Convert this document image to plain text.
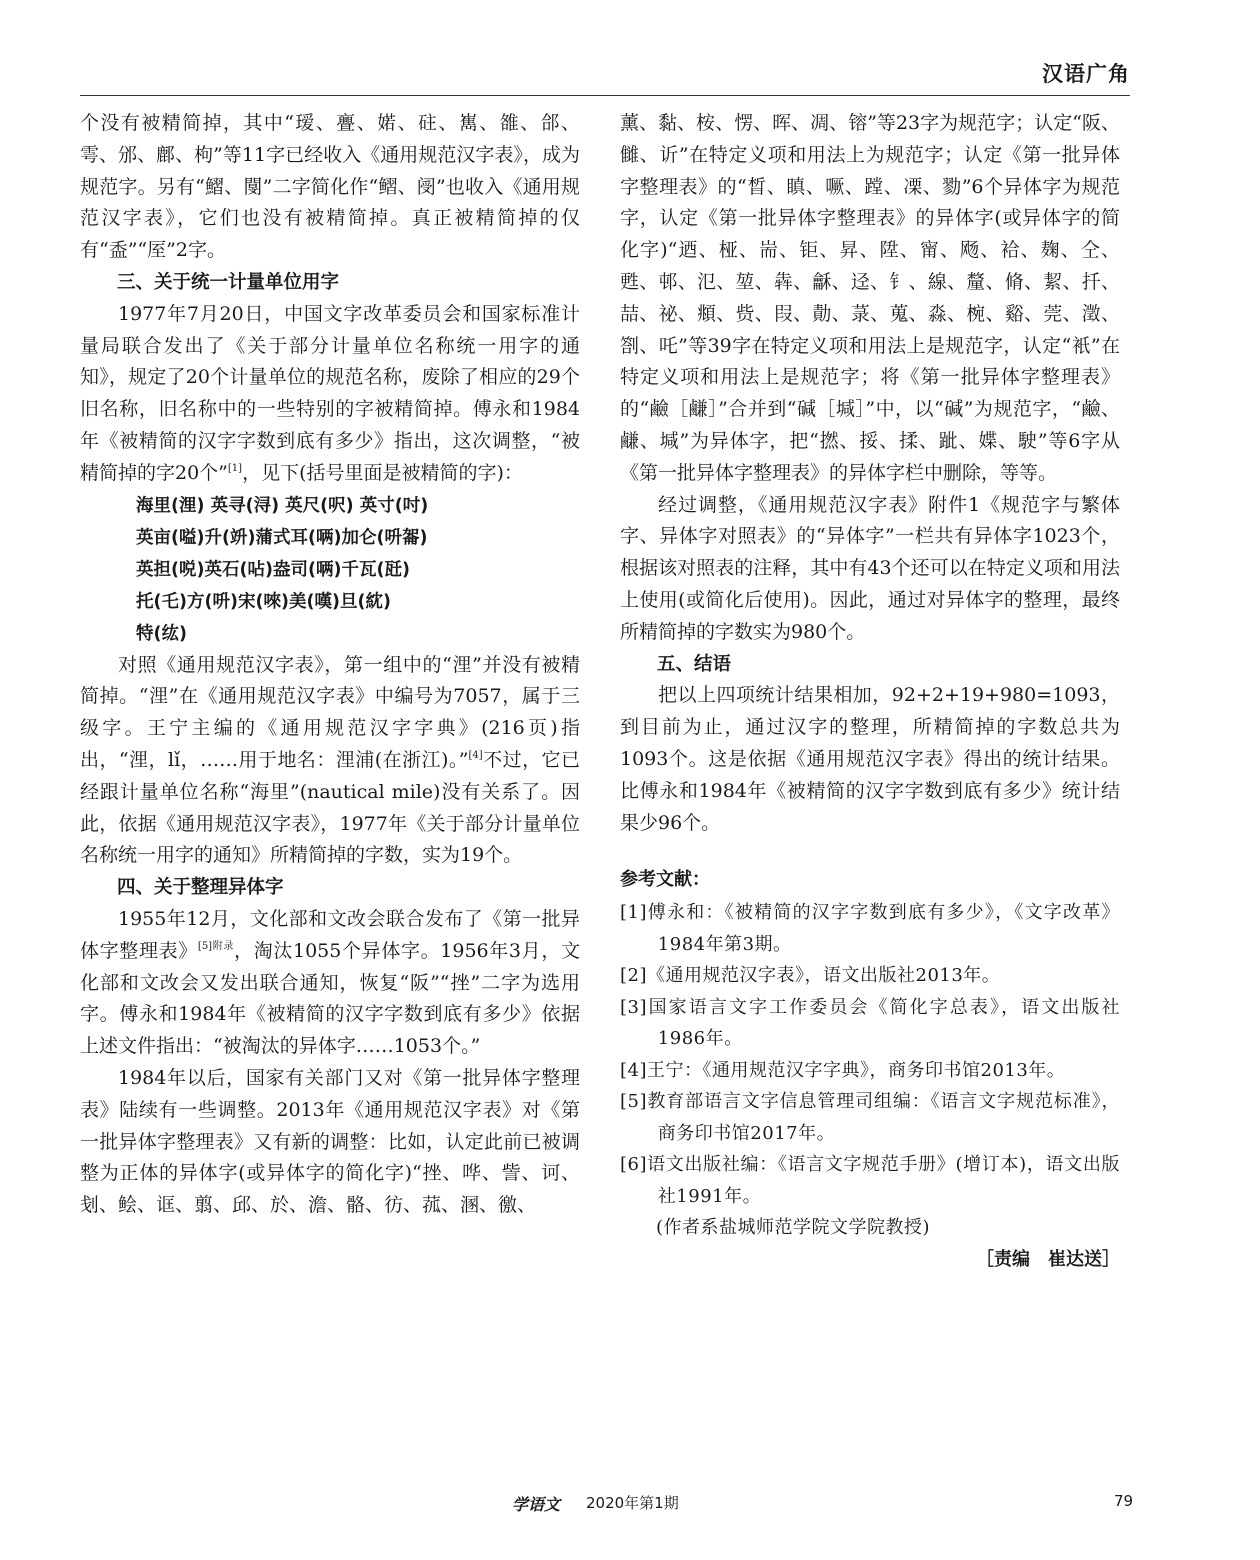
汉语广角

个没有被精简掉，其中“瑷、亹、婼、砫、嶲、雒、郃、雩、邠、鄜、枸”等11字已经收入《通用规范汉字表》，成为规范字。另有“鰼、閺”二字简化作“鳛、阌”也收入《通用规范汉字表》，它们也没有被精简掉。真正被精简掉的仅有“盉”“厔”2字。

三、关于统一计量单位用字

1977年7月20日，中国文字改革委员会和国家标准计量局联合发出了《关于部分计量单位名称统一用字的通知》，规定了20个计量单位的规范名称，废除了相应的29个旧名称，旧名称中的一些特别的字被精简掉。傅永和1984年《被精简的汉字字数到底有多少》指出，这次调整，“被精简掉的字20个”[1]，见下(括号里面是被精简的字)：

海里(浬) 英寻(浔) 英尺(呎) 英寸(吋)
英亩(嗌)升(竔)蒲式耳(唡)加仑(呏嗧)
英担(哾)英石(呫)盎司(唡)千瓦(瓩)
托(乇)方(呏)宋(唻)美(嘆)旦(紞)
特(纮)

对照《通用规范汉字表》，第一组中的“浬”并没有被精简掉。“浬”在《通用规范汉字表》中编号为7057，属于三级字。王宁主编的《通用规范汉字字典》(216页)指出，“浬，lǐ，……用于地名：浬浦(在浙江)。”[4]不过，它已经跟计量单位名称“海里”(nautical mile)没有关系了。因此，依据《通用规范汉字表》，1977年《关于部分计量单位名称统一用字的通知》所精简掉的字数，实为19个。

四、关于整理异体字

1955年12月，文化部和文改会联合发布了《第一批异体字整理表》$^{[5]附录}$，淘汰1055个异体字。1956年3月，文化部和文改会又发出联合通知，恢复“阪”“挫”二字为选用字。傅永和1984年《被精简的汉字字数到底有多少》依据上述文件指出：“被淘汰的异体字……1053个。”

1984年以后，国家有关部门又对《第一批异体字整理表》陆续有一些调整。2013年《通用规范汉字表》对《第一批异体字整理表》又有新的调整：比如，认定此前已被调整为正体的异体字(或异体字的简化字)“挫、哗、訾、诃、刬、鲙、诓、翦、邱、於、澹、骼、彷、菰、溷、徼、

薰、黏、桉、愣、晖、凋、镕”等23字为规范字；认定“阪、雠、䜣”在特定义项和用法上为规范字；认定《第一批异体字整理表》的“晳、瞋、噘、蹚、凓、勠”6个异体字为规范字，认定《第一批异体字整理表》的异体字(或异体字的简化字)“迺、桠、耑、钜、昇、陞、甯、飏、袷、麹、仝、甦、邨、氾、堃、犇、龢、迳、钅、線、釐、脩、絜、扦、喆、祕、頫、赀、叚、勣、菉、蒐、淼、椀、谿、莞、澂、劄、吒”等39字在特定义项和用法上是规范字，认定“衹”在特定义项和用法上是规范字；将《第一批异体字整理表》的“鹼［鹻］”合并到“碱［堿］”中，以“碱”为规范字，“鹼、鹻、堿”为异体字，把“撚、挼、揉、跐、媟、駛”等6字从《第一批异体字整理表》的异体字栏中删除，等等。

经过调整，《通用规范汉字表》附件1《规范字与繁体字、异体字对照表》的“异体字”一栏共有异体字1023个，根据该对照表的注释，其中有43个还可以在特定义项和用法上使用(或简化后使用)。因此，通过对异体字的整理，最终所精简掉的字数实为980个。

五、结语

把以上四项统计结果相加，92+2+19+980=1093，到目前为止，通过汉字的整理，所精简掉的字数总共为1093个。这是依据《通用规范汉字表》得出的统计结果。比傅永和1984年《被精简的汉字字数到底有多少》统计结果少96个。

参考文献：
[1]傅永和：《被精简的汉字字数到底有多少》，《文字改革》1984年第3期。
[2]《通用规范汉字表》，语文出版社2013年。
[3]国家语言文字工作委员会《简化字总表》，语文出版社1986年。
[4]王宁：《通用规范汉字字典》，商务印书馆2013年。
[5]教育部语言文字信息管理司组编：《语言文字规范标准》，商务印书馆2017年。
[6]语文出版社编：《语言文字规范手册》(增订本)，语文出版社1991年。
(作者系盐城师范学院文学院教授)
［责编　崔达送］
学语文 2020年第1期	79
